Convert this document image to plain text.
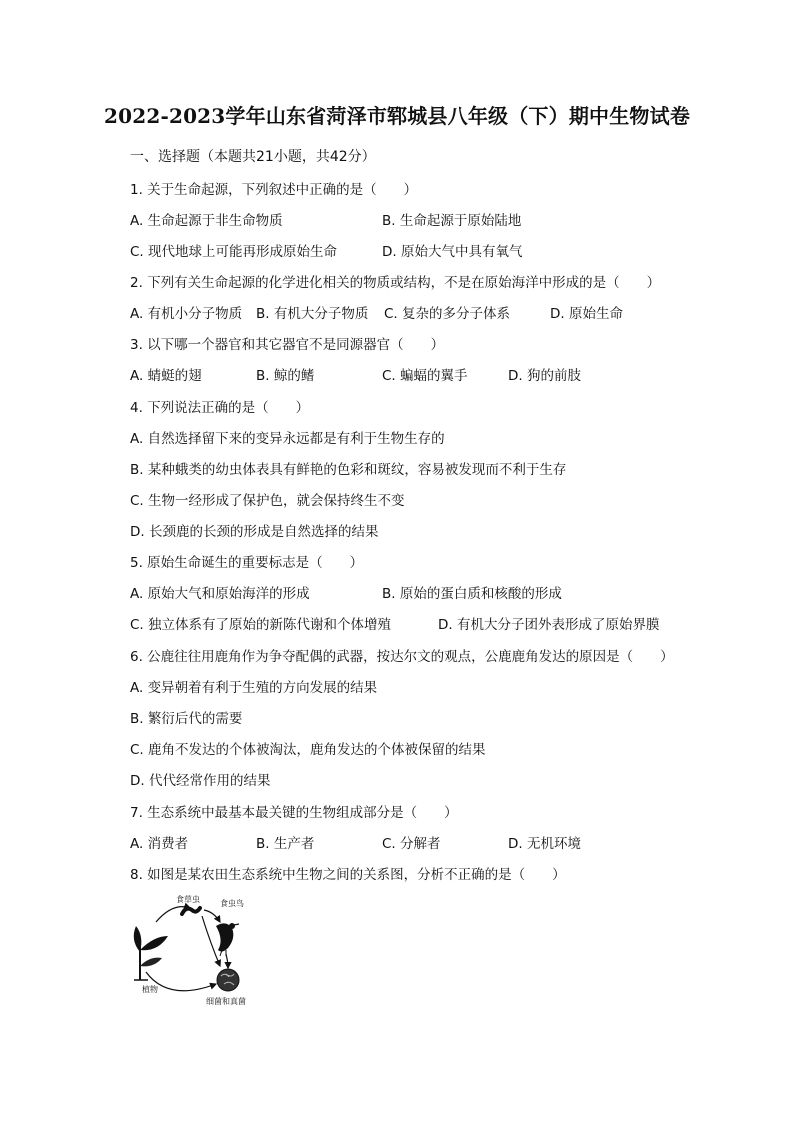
2022-2023学年山东省菏泽市郓城县八年级（下）期中生物试卷
一、选择题（本题共21小题，共42分）
1. 关于生命起源，下列叙述中正确的是（　　）
A. 生命起源于非生命物质	B. 生命起源于原始陆地
C. 现代地球上可能再形成原始生命	D. 原始大气中具有氧气
2. 下列有关生命起源的化学进化相关的物质或结构，不是在原始海洋中形成的是（　　）
A. 有机小分子物质 B. 有机大分子物质 C. 复杂的多分子体系	D. 原始生命
3. 以下哪一个器官和其它器官不是同源器官（　　）
A. 蜻蜓的翅	B. 鲸的鳍	C. 蝙蝠的翼手	D. 狗的前肢
4. 下列说法正确的是（　　）
A. 自然选择留下来的变异永远都是有利于生物生存的
B. 某种蛾类的幼虫体表具有鲜艳的色彩和斑纹，容易被发现而不利于生存
C. 生物一经形成了保护色，就会保持终生不变
D. 长颈鹿的长颈的形成是自然选择的结果
5. 原始生命诞生的重要标志是（　　）
A. 原始大气和原始海洋的形成	B. 原始的蛋白质和核酸的形成
C. 独立体系有了原始的新陈代谢和个体增殖	D. 有机大分子团外表形成了原始界膜
6. 公鹿往往用鹿角作为争夺配偶的武器，按达尔文的观点，公鹿鹿角发达的原因是（　　）
A. 变异朝着有利于生殖的方向发展的结果
B. 繁衍后代的需要
C. 鹿角不发达的个体被淘汰，鹿角发达的个体被保留的结果
D. 代代经常作用的结果
7. 生态系统中最基本最关键的生物组成部分是（　　）
A. 消费者	B. 生产者	C. 分解者	D. 无机环境
8. 如图是某农田生态系统中生物之间的关系图，分析不正确的是（　　）
食草虫	食虫鸟
植物
细菌和真菌
